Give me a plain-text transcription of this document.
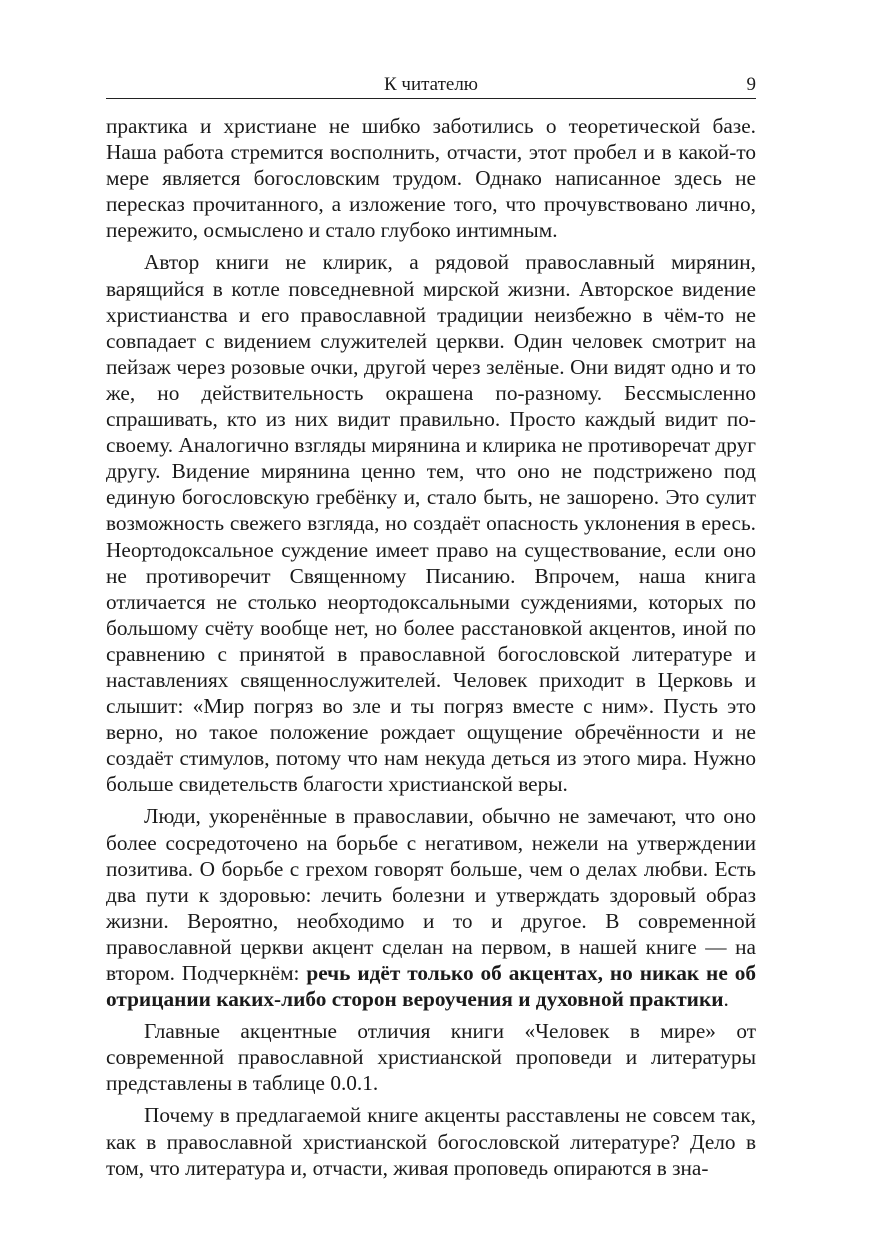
К читателю	9

практика и христиане не шибко заботились о теоретической базе. Наша работа стремится восполнить, отчасти, этот пробел и в какой-то мере является богословским трудом. Однако написанное здесь не пересказ прочитанного, а изложение того, что прочувствовано лично, пережито, осмыслено и стало глубоко интимным.

Автор книги не клирик, а рядовой православный мирянин, варящийся в котле повседневной мирской жизни. Авторское видение христианства и его православной традиции неизбежно в чём-то не совпадает с видением служителей церкви. Один человек смотрит на пейзаж через розовые очки, другой через зелёные. Они видят одно и то же, но действительность окрашена по-разному. Бессмысленно спрашивать, кто из них видит правильно. Просто каждый видит по-своему. Аналогично взгляды мирянина и клирика не противоречат друг другу. Видение мирянина ценно тем, что оно не подстрижено под единую богословскую гребёнку и, стало быть, не зашорено. Это сулит возможность свежего взгляда, но создаёт опасность уклонения в ересь. Неортодоксальное суждение имеет право на существование, если оно не противоречит Священному Писанию. Впрочем, наша книга отличается не столько неортодоксальными суждениями, которых по большому счёту вообще нет, но более расстановкой акцентов, иной по сравнению с принятой в православной богословской литературе и наставлениях священнослужителей. Человек приходит в Церковь и слышит: «Мир погряз во зле и ты погряз вместе с ним». Пусть это верно, но такое положение рождает ощущение обречённости и не создаёт стимулов, потому что нам некуда деться из этого мира. Нужно больше свидетельств благости христианской веры.

Люди, укоренённые в православии, обычно не замечают, что оно более сосредоточено на борьбе с негативом, нежели на утверждении позитива. О борьбе с грехом говорят больше, чем о делах любви. Есть два пути к здоровью: лечить болезни и утверждать здоровый образ жизни. Вероятно, необходимо и то и другое. В современной православной церкви акцент сделан на первом, в нашей книге — на втором. Подчеркнём: речь идёт только об акцентах, но никак не об отрицании каких-либо сторон вероучения и духовной практики.

Главные акцентные отличия книги «Человек в мире» от современной православной христианской проповеди и литературы представлены в таблице 0.0.1.

Почему в предлагаемой книге акценты расставлены не совсем так, как в православной христианской богословской литературе? Дело в том, что литература и, отчасти, живая проповедь опираются в зна-
